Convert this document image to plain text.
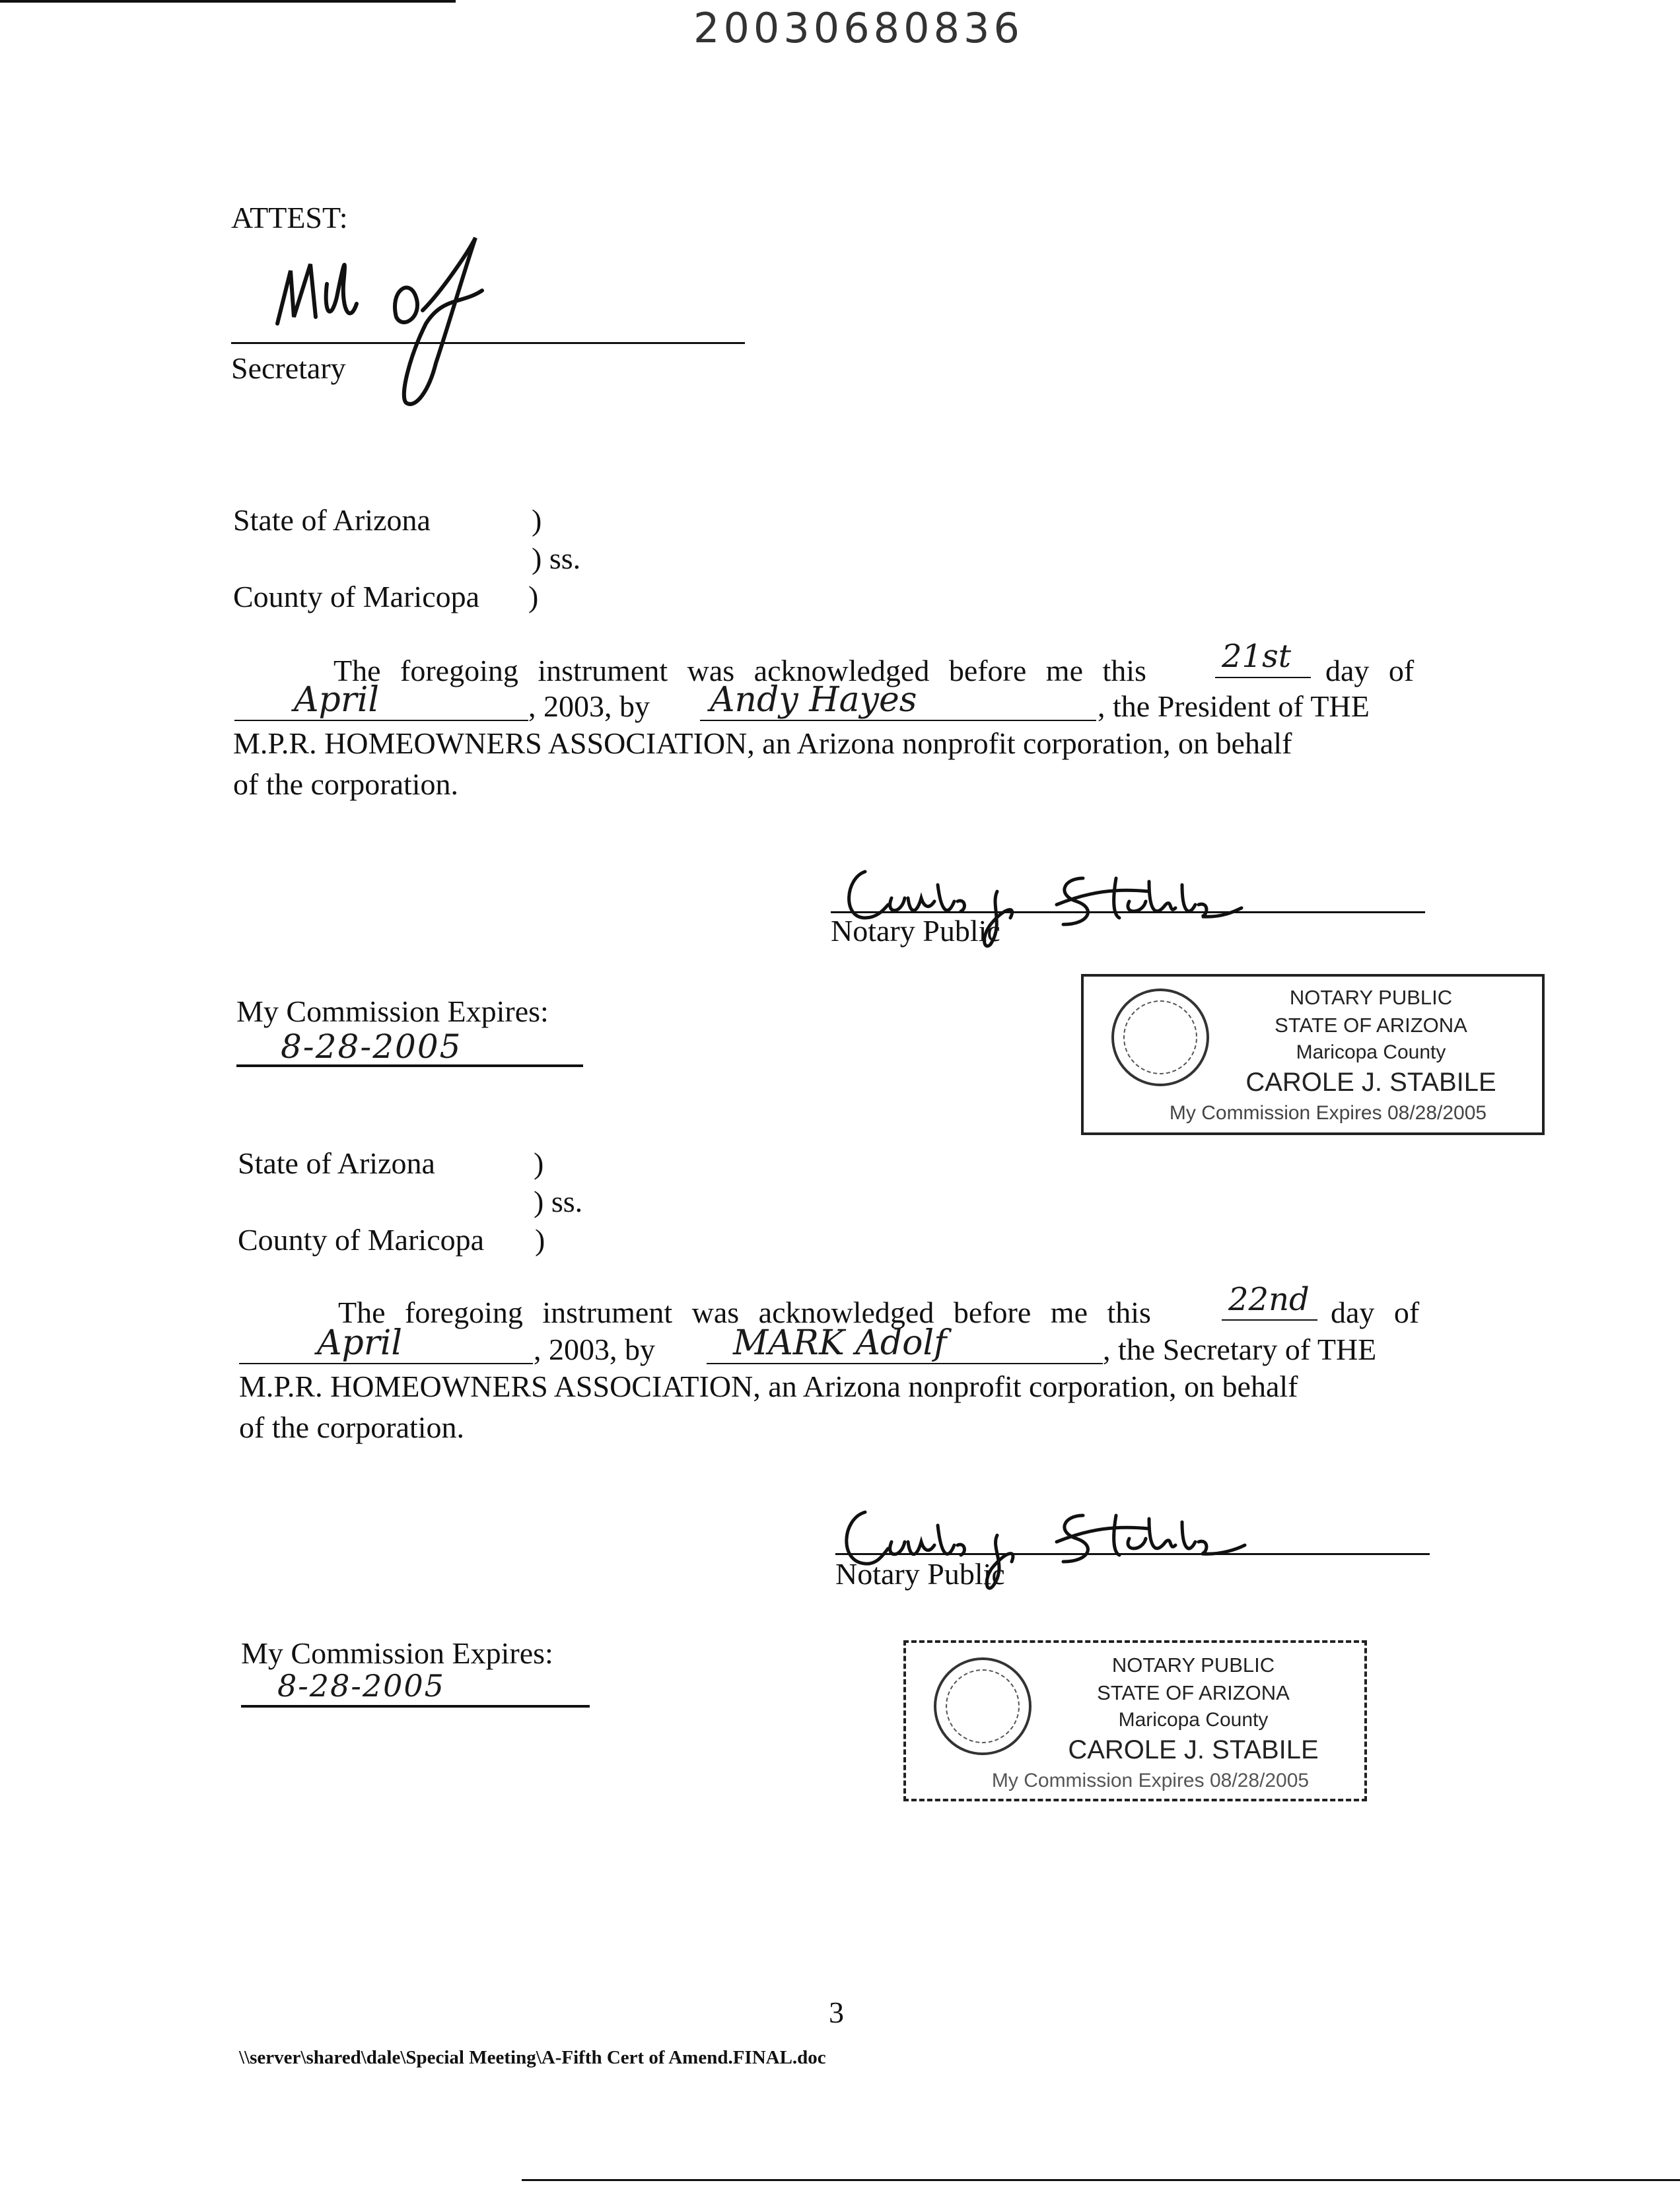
20030680836
ATTEST:
Secretary
State of Arizona	)
) ss.
County of Maricopa )
The foregoing instrument was acknowledged before me this 21st day of
April	, 2003, by Andy Hayes	, the President of THE
M.P.R. HOMEOWNERS ASSOCIATION, an Arizona nonprofit corporation, on behalf
of the corporation.
Notary Public
My Commission Expires:
8-28-2005
NOTARY PUBLIC
STATE OF ARIZONA
Maricopa County
CAROLE J. STABILE
My Commission Expires 08/28/2005
State of Arizona	)
) ss.
County of Maricopa )
The foregoing instrument was acknowledged before me this 22nd day of
April	, 2003, by MARK Adolf	, the Secretary of THE
M.P.R. HOMEOWNERS ASSOCIATION, an Arizona nonprofit corporation, on behalf
of the corporation.
Notary Public
My Commission Expires:
8-28-2005
NOTARY PUBLIC
STATE OF ARIZONA
Maricopa County
CAROLE J. STABILE
My Commission Expires 08/28/2005
3
\\server\shared\dale\Special Meeting\A-Fifth Cert of Amend.FINAL.doc
